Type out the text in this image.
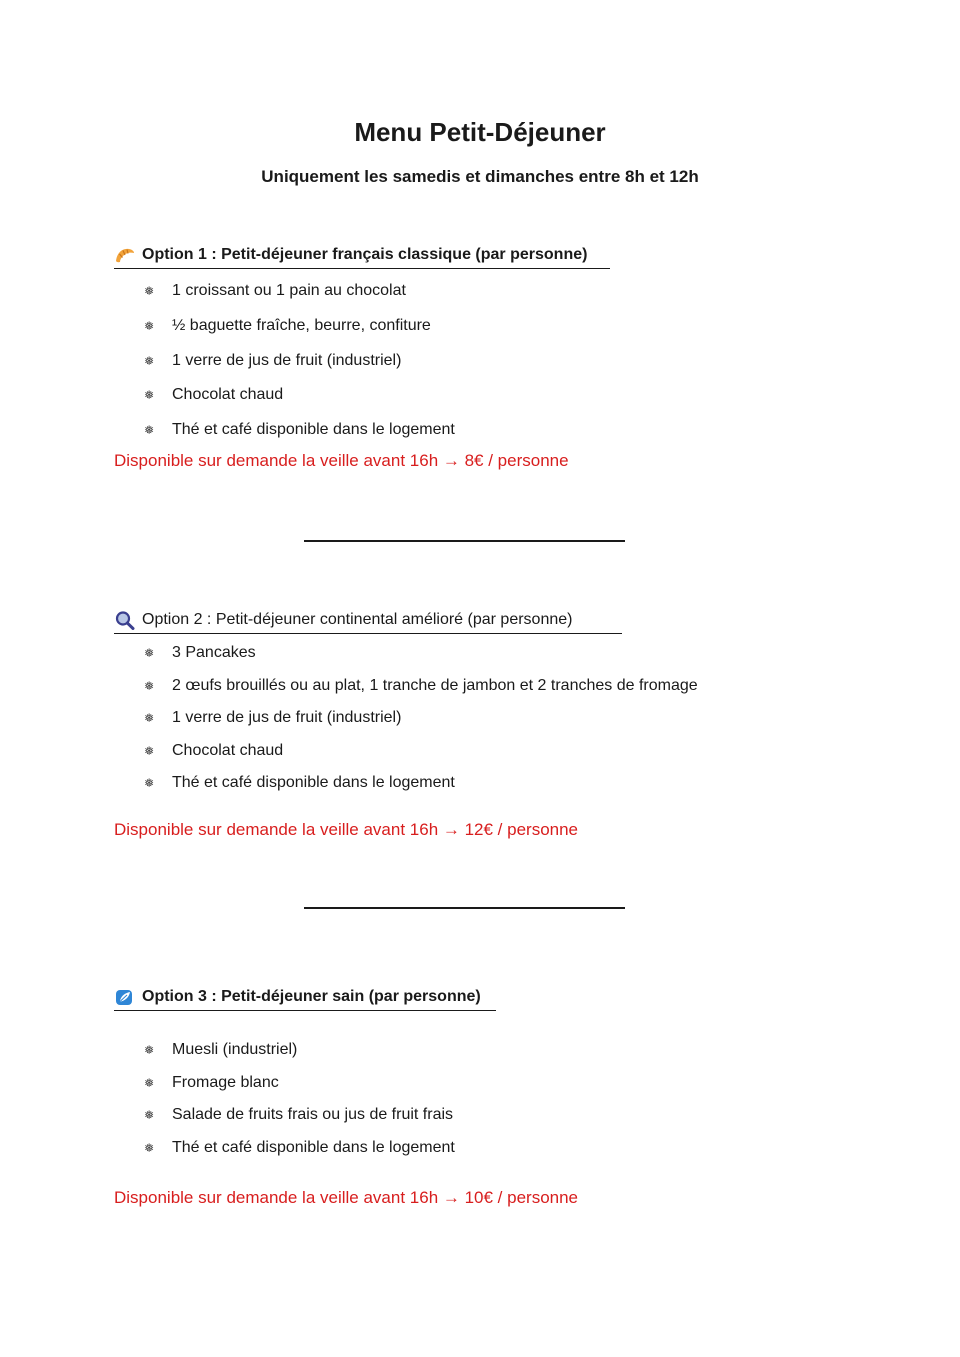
Menu Petit-Déjeuner

Uniquement les samedis et dimanches entre 8h et 12h

Option 1 : Petit-déjeuner français classique (par personne)
❅ 1 croissant ou 1 pain au chocolat
❅ ½ baguette fraîche, beurre, confiture
❅ 1 verre de jus de fruit (industriel)
❅ Chocolat chaud
❅ Thé et café disponible dans le logement
Disponible sur demande la veille avant 16h → 8€ / personne
Option 2 : Petit-déjeuner continental amélioré (par personne)
❅ 3 Pancakes
❅ 2 œufs brouillés ou au plat, 1 tranche de jambon et 2 tranches de fromage
❅ 1 verre de jus de fruit (industriel)
❅ Chocolat chaud
❅ Thé et café disponible dans le logement
Disponible sur demande la veille avant 16h → 12€ / personne
Option 3 : Petit-déjeuner sain (par personne)
❅ Muesli (industriel)
❅ Fromage blanc
❅ Salade de fruits frais ou jus de fruit frais
❅ Thé et café disponible dans le logement
Disponible sur demande la veille avant 16h → 10€ / personne
